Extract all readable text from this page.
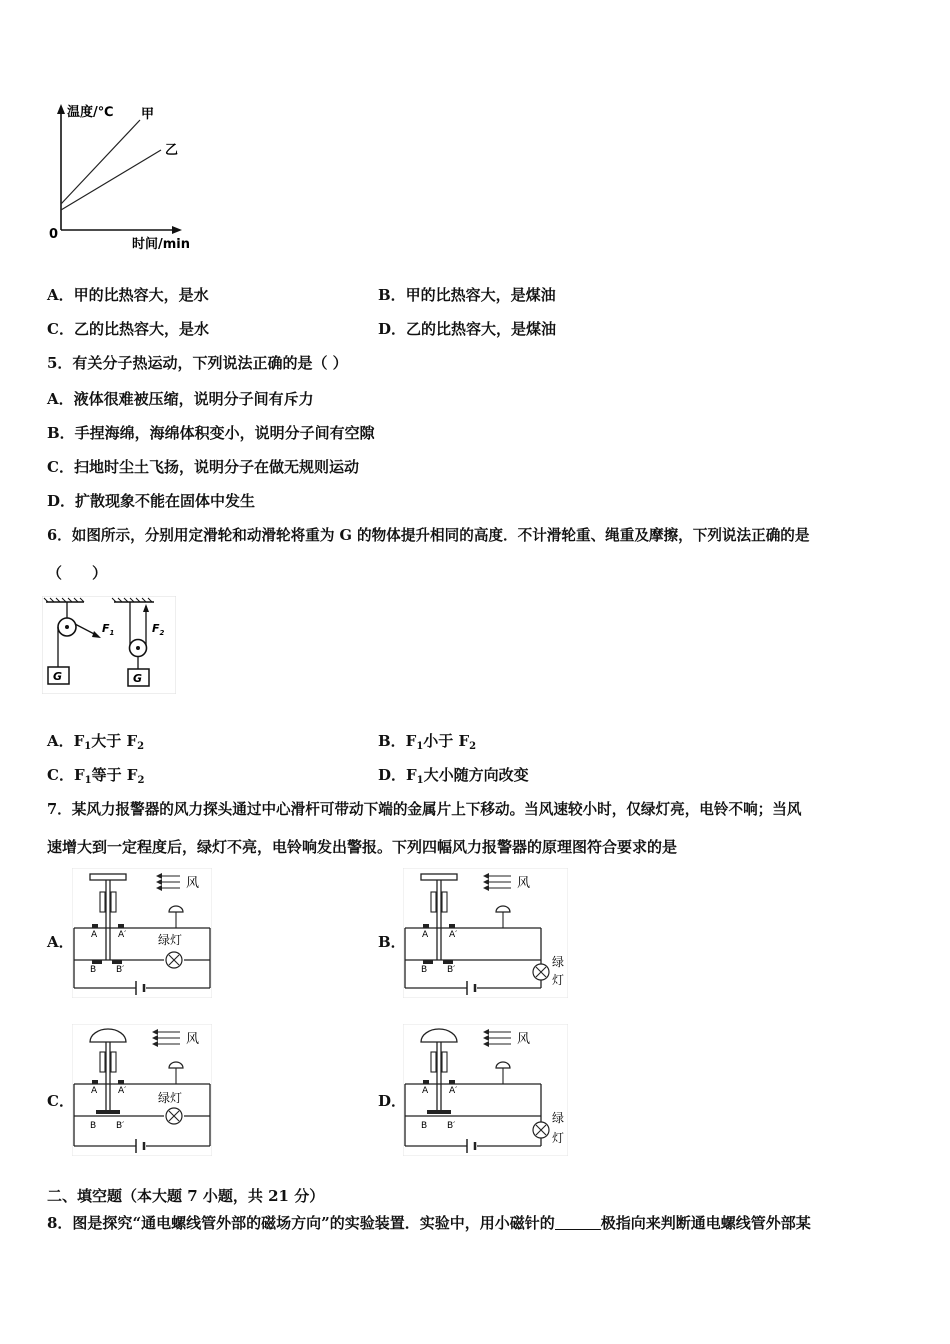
温度/℃ 甲
乙
0
时间/min
A．甲的比热容大，是水	B．甲的比热容大，是煤油
C．乙的比热容大，是水	D．乙的比热容大，是煤油
5．有关分子热运动，下列说法正确的是（ ）
A．液体很难被压缩，说明分子间有斥力
B．手捏海绵，海绵体积变小，说明分子间有空隙
C．扫地时尘土飞扬，说明分子在做无规则运动
D．扩散现象不能在固体中发生
6．如图所示，分别用定滑轮和动滑轮将重为 G 的物体提升相同的高度．不计滑轮重、绳重及摩擦，下列说法正确的是
（　　）
$F_1$
G
$F_2$
G
A．$F_1$大于 $F_2$	B．$F_1$小于 $F_2$
C．$F_1$等于 $F_2$	D．$F_1$大小随方向改变
7．某风力报警器的风力探头通过中心滑杆可带动下端的金属片上下移动。当风速较小时，仅绿灯亮，电铃不响；当风
速增大到一定程度后，绿灯不亮，电铃响发出警报。下列四幅风力报警器的原理图符合要求的是
A．	B．
C．	D．
风
A A′	绿灯
B B′
风
A A′
B B′
绿
灯
风
A A′	绿灯
B B′
风
A A′
B B′
绿
灯
二、填空题（本大题 7 小题，共 21 分）
8．图是探究“通电螺线管外部的磁场方向”的实验装置．实验中，用小磁针的	极指向来判断通电螺线管外部某
